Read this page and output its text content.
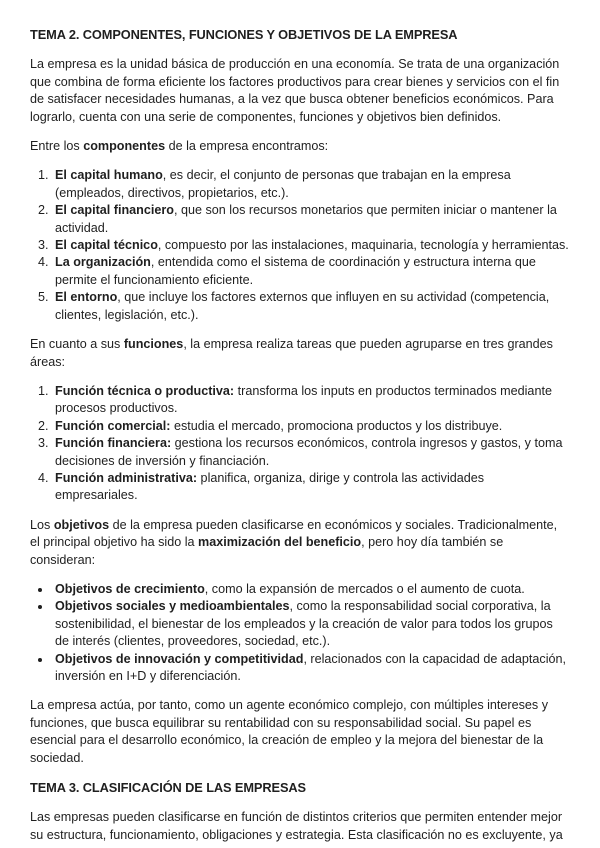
TEMA 2. COMPONENTES, FUNCIONES Y OBJETIVOS DE LA EMPRESA

La empresa es la unidad básica de producción en una economía. Se trata de una organización que combina de forma eficiente los factores productivos para crear bienes y servicios con el fin de satisfacer necesidades humanas, a la vez que busca obtener beneficios económicos. Para lograrlo, cuenta con una serie de componentes, funciones y objetivos bien definidos.

Entre los componentes de la empresa encontramos:

1. El capital humano, es decir, el conjunto de personas que trabajan en la empresa (empleados, directivos, propietarios, etc.).
2. El capital financiero, que son los recursos monetarios que permiten iniciar o mantener la actividad.
3. El capital técnico, compuesto por las instalaciones, maquinaria, tecnología y herramientas.
4. La organización, entendida como el sistema de coordinación y estructura interna que permite el funcionamiento eficiente.
5. El entorno, que incluye los factores externos que influyen en su actividad (competencia, clientes, legislación, etc.).

En cuanto a sus funciones, la empresa realiza tareas que pueden agruparse en tres grandes áreas:

1. Función técnica o productiva: transforma los inputs en productos terminados mediante procesos productivos.
2. Función comercial: estudia el mercado, promociona productos y los distribuye.
3. Función financiera: gestiona los recursos económicos, controla ingresos y gastos, y toma decisiones de inversión y financiación.
4. Función administrativa: planifica, organiza, dirige y controla las actividades empresariales.

Los objetivos de la empresa pueden clasificarse en económicos y sociales. Tradicionalmente, el principal objetivo ha sido la maximización del beneficio, pero hoy día también se consideran:

• Objetivos de crecimiento, como la expansión de mercados o el aumento de cuota.
• Objetivos sociales y medioambientales, como la responsabilidad social corporativa, la sostenibilidad, el bienestar de los empleados y la creación de valor para todos los grupos de interés (clientes, proveedores, sociedad, etc.).
• Objetivos de innovación y competitividad, relacionados con la capacidad de adaptación, inversión en I+D y diferenciación.

La empresa actúa, por tanto, como un agente económico complejo, con múltiples intereses y funciones, que busca equilibrar su rentabilidad con su responsabilidad social. Su papel es esencial para el desarrollo económico, la creación de empleo y la mejora del bienestar de la sociedad.

TEMA 3. CLASIFICACIÓN DE LAS EMPRESAS

Las empresas pueden clasificarse en función de distintos criterios que permiten entender mejor su estructura, funcionamiento, obligaciones y estrategia. Esta clasificación no es excluyente, ya
